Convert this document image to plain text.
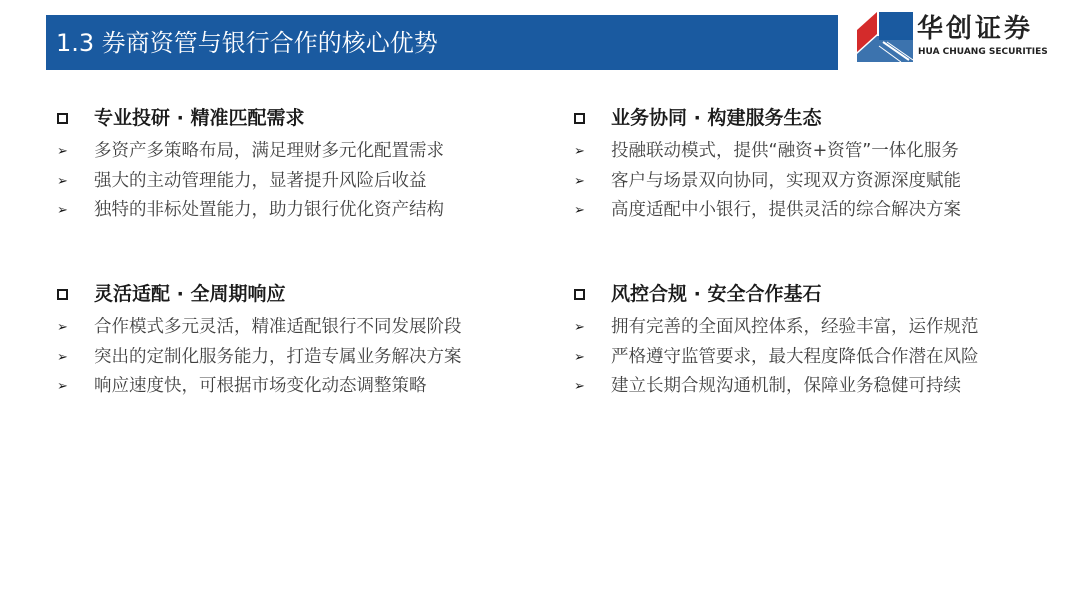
1.3 券商资管与银行合作的核心优势	华创证券
HUA CHUANG SECURITIES
专业投研 · 精准匹配需求
➢ 多资产多策略布局，满足理财多元化配置需求
➢ 强大的主动管理能力，显著提升风险后收益
➢ 独特的非标处置能力，助力银行优化资产结构
业务协同 · 构建服务生态
➢ 投融联动模式，提供“融资+资管”一体化服务
➢ 客户与场景双向协同，实现双方资源深度赋能
➢ 高度适配中小银行，提供灵活的综合解决方案
灵活适配 · 全周期响应
➢ 合作模式多元灵活，精准适配银行不同发展阶段
➢ 突出的定制化服务能力，打造专属业务解决方案
➢ 响应速度快，可根据市场变化动态调整策略
风控合规 · 安全合作基石
➢ 拥有完善的全面风控体系，经验丰富，运作规范
➢ 严格遵守监管要求，最大程度降低合作潜在风险
➢ 建立长期合规沟通机制，保障业务稳健可持续
